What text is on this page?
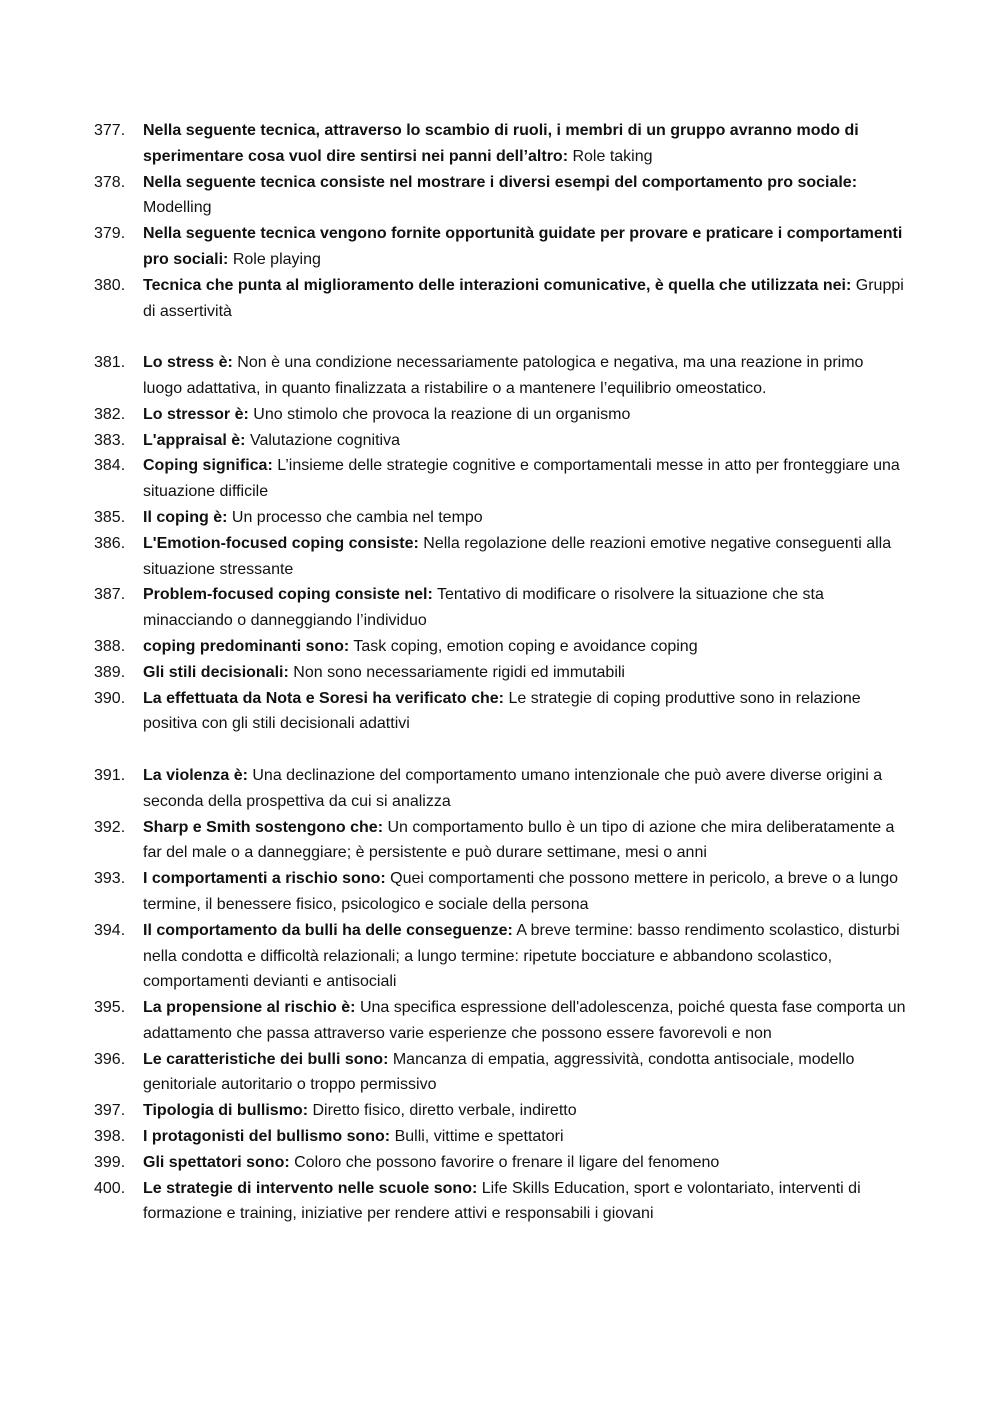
377.	Nella seguente tecnica, attraverso lo scambio di ruoli, i membri di un gruppo avranno modo di sperimentare cosa vuol dire sentirsi nei panni dell’altro: Role taking
378.	Nella seguente tecnica consiste nel mostrare i diversi esempi del comportamento pro sociale: Modelling
379.	Nella seguente tecnica vengono fornite opportunità guidate per provare e praticare i comportamenti pro sociali: Role playing
380.	Tecnica che punta al miglioramento delle interazioni comunicative, è quella che utilizzata nei: Gruppi di assertività
381.	Lo stress è: Non è una condizione necessariamente patologica e negativa, ma una reazione in primo luogo adattativa, in quanto finalizzata a ristabilire o a mantenere l’equilibrio omeostatico.
382.	Lo stressor è: Uno stimolo che provoca la reazione di un organismo
383.	L'appraisal è: Valutazione cognitiva
384.	Coping significa: L’insieme delle strategie cognitive e comportamentali messe in atto per fronteggiare una situazione difficile
385.	Il coping è: Un processo che cambia nel tempo
386.	L'Emotion-focused coping consiste: Nella regolazione delle reazioni emotive negative conseguenti alla situazione stressante
387.	Problem-focused coping consiste nel: Tentativo di modificare o risolvere la situazione che sta minacciando o danneggiando l’individuo
388.	coping predominanti sono: Task coping, emotion coping e avoidance coping
389.	Gli stili decisionali: Non sono necessariamente rigidi ed immutabili
390.	La effettuata da Nota e Soresi ha verificato che: Le strategie di coping produttive sono in relazione positiva con gli stili decisionali adattivi
391.	La violenza è: Una declinazione del comportamento umano intenzionale che può avere diverse origini a seconda della prospettiva da cui si analizza
392.	Sharp e Smith sostengono che: Un comportamento bullo è un tipo di azione che mira deliberatamente a far del male o a danneggiare; è persistente e può durare settimane, mesi o anni
393.	I comportamenti a rischio sono: Quei comportamenti che possono mettere in pericolo, a breve o a lungo termine, il benessere fisico, psicologico e sociale della persona
394.	Il comportamento da bulli ha delle conseguenze: A breve termine: basso rendimento scolastico, disturbi nella condotta e difficoltà relazionali; a lungo termine: ripetute bocciature e abbandono scolastico, comportamenti devianti e antisociali
395.	La propensione al rischio è: Una specifica espressione dell'adolescenza, poiché questa fase comporta un adattamento che passa attraverso varie esperienze che possono essere favorevoli e non
396.	Le caratteristiche dei bulli sono: Mancanza di empatia, aggressività, condotta antisociale, modello genitoriale autoritario o troppo permissivo
397.	Tipologia di bullismo: Diretto fisico, diretto verbale, indiretto
398.	I protagonisti del bullismo sono: Bulli, vittime e spettatori
399.	Gli spettatori sono: Coloro che possono favorire o frenare il ligare del fenomeno
400.	Le strategie di intervento nelle scuole sono: Life Skills Education, sport e volontariato, interventi di formazione e training, iniziative per rendere attivi e responsabili i giovani
